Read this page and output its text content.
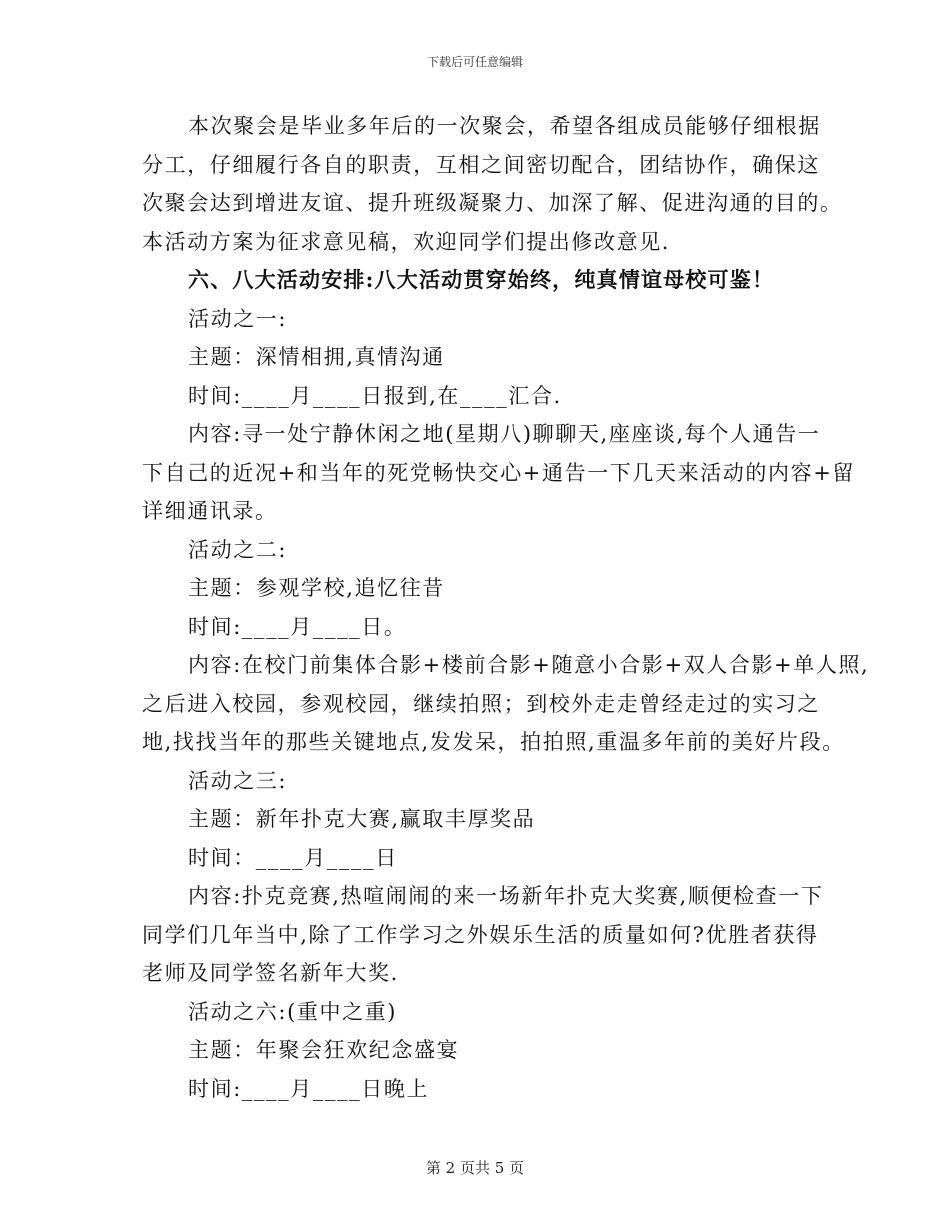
下载后可任意编辑
本次聚会是毕业多年后的一次聚会，希望各组成员能够仔细根据
分工，仔细履行各自的职责，互相之间密切配合，团结协作，确保这
次聚会达到增进友谊、提升班级凝聚力、加深了解、促进沟通的目的。
本活动方案为征求意见稿，欢迎同学们提出修改意见.
六、八大活动安排:八大活动贯穿始终，纯真情谊母校可鉴！
活动之一:
主题：深情相拥,真情沟通
时间:____月____日报到,在____汇合.
内容:寻一处宁静休闲之地(星期八)聊聊天,座座谈,每个人通告一
下自己的近况+和当年的死党畅快交心+通告一下几天来活动的内容+留
详细通讯录。
活动之二:
主题：参观学校,追忆往昔
时间:____月____日。
内容:在校门前集体合影+楼前合影+随意小合影+双人合影+单人照,
之后进入校园，参观校园，继续拍照；到校外走走曾经走过的实习之
地,找找当年的那些关键地点,发发呆，拍拍照,重温多年前的美好片段。
活动之三:
主题：新年扑克大赛,赢取丰厚奖品
时间：____月____日
内容:扑克竞赛,热喧闹闹的来一场新年扑克大奖赛,顺便检查一下
同学们几年当中,除了工作学习之外娱乐生活的质量如何?优胜者获得
老师及同学签名新年大奖.
活动之六:(重中之重)
主题：年聚会狂欢纪念盛宴
时间:____月____日晚上
第 2 页共 5 页
